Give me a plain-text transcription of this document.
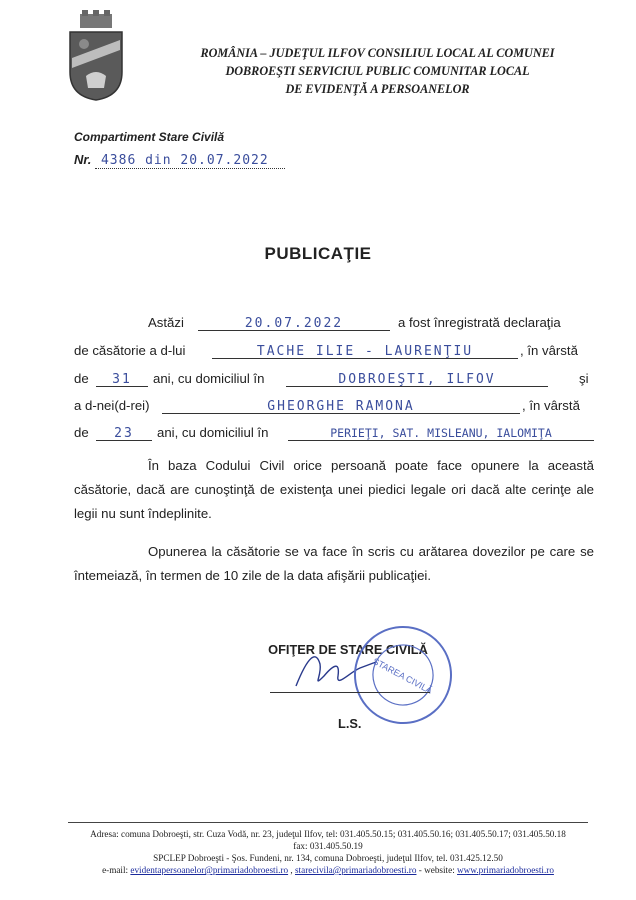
ROMÂNIA – JUDEŢUL ILFOV CONSILIUL LOCAL AL COMUNEI
DOBROEŞTI SERVICIUL PUBLIC COMUNITAR LOCAL
DE EVIDENŢĂ A PERSOANELOR
Compartiment Stare Civilă
Nr. 4386 din 20.07.2022
PUBLICAŢIE
Astăzi	20.07.2022	a fost înregistrată declaraţia
de căsătorie a d-lui	TACHE ILIE - LAURENŢIU	, în vârstă
de	31	ani, cu domiciliul în	DOBROEŞTI, ILFOV	şi
a d-nei(d-rei)	GHEORGHE RAMONA	, în vârstă
de	23	ani, cu domiciliul în	PERIEŢI, SAT. MISLEANU, IALOMIŢA
În baza Codului Civil orice persoană poate face opunere la această căsătorie, dacă are cunoştinţă de existenţa unei piedici legale ori dacă alte cerinţe ale legii nu sunt îndeplinite.
Opunerea la căsătorie se va face în scris cu arătarea dovezilor pe care se întemeiază, în termen de 10 zile de la data afişării publicaţiei.
OFIŢER DE STARE CIVILĂ
STAREA CIVILĂ
L.S.
Adresa: comuna Dobroeşti, str. Cuza Vodă, nr. 23, judeţul Ilfov, tel: 031.405.50.15; 031.405.50.16; 031.405.50.17; 031.405.50.18
fax: 031.405.50.19
SPCLEP Dobroeşti - Şos. Fundeni, nr. 134, comuna Dobroeşti, judeţul Ilfov, tel. 031.425.12.50
e-mail: evidentapersoanelor@primariadobroesti.ro , starecivila@primariadobroesti.ro - website: www.primariadobroesti.ro
